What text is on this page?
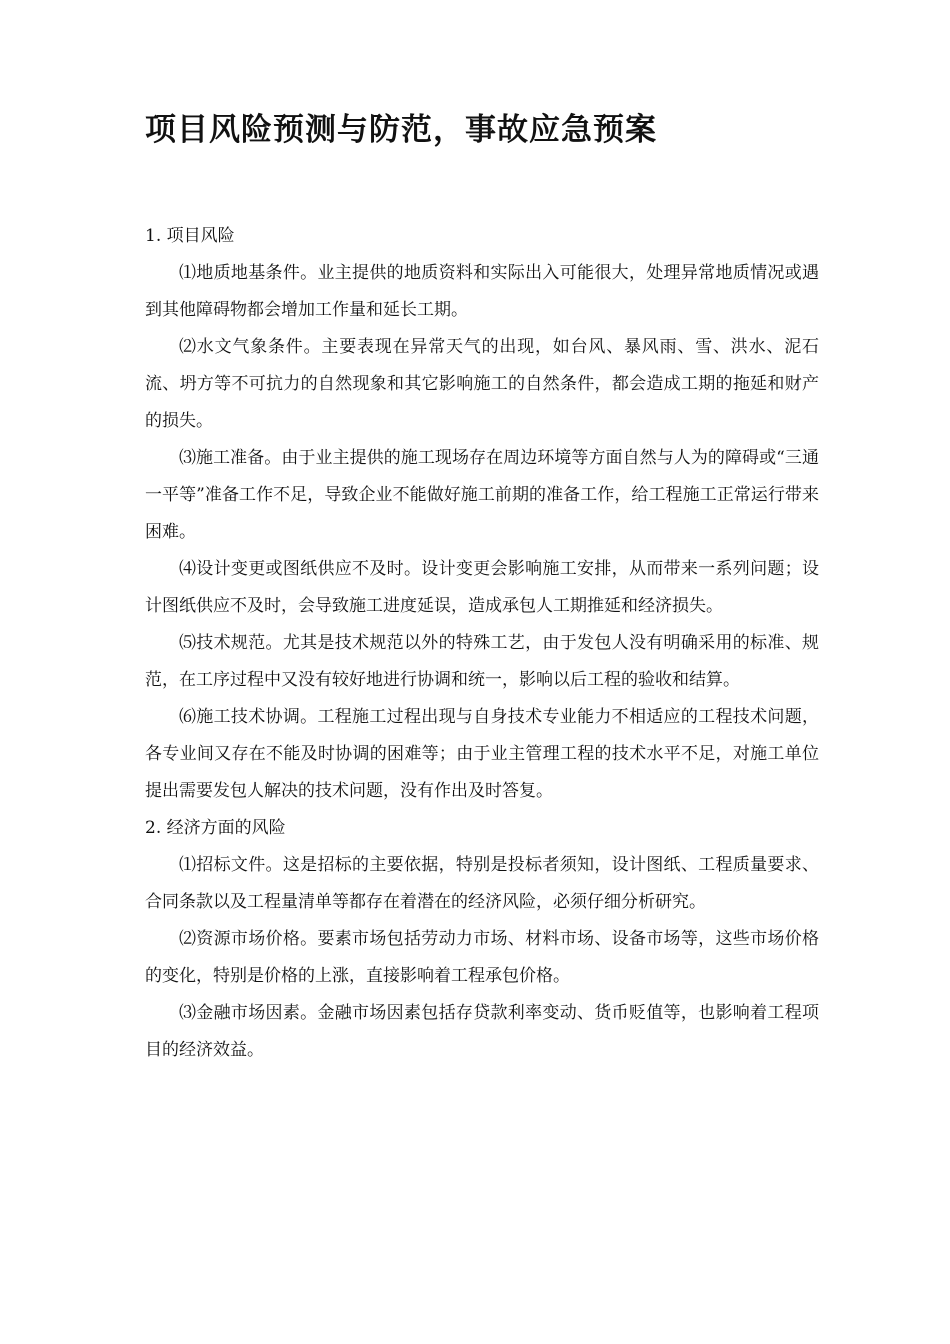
项目风险预测与防范，事故应急预案

1. 项目风险

⑴地质地基条件。业主提供的地质资料和实际出入可能很大，处理异常地质情况或遇到其他障碍物都会增加工作量和延长工期。

⑵水文气象条件。主要表现在异常天气的出现，如台风、暴风雨、雪、洪水、泥石流、坍方等不可抗力的自然现象和其它影响施工的自然条件，都会造成工期的拖延和财产的损失。

⑶施工准备。由于业主提供的施工现场存在周边环境等方面自然与人为的障碍或“三通一平等”准备工作不足，导致企业不能做好施工前期的准备工作，给工程施工正常运行带来困难。

⑷设计变更或图纸供应不及时。设计变更会影响施工安排，从而带来一系列问题；设计图纸供应不及时，会导致施工进度延误，造成承包人工期推延和经济损失。

⑸技术规范。尤其是技术规范以外的特殊工艺，由于发包人没有明确采用的标准、规范，在工序过程中又没有较好地进行协调和统一，影响以后工程的验收和结算。

⑹施工技术协调。工程施工过程出现与自身技术专业能力不相适应的工程技术问题，各专业间又存在不能及时协调的困难等；由于业主管理工程的技术水平不足，对施工单位提出需要发包人解决的技术问题，没有作出及时答复。

2. 经济方面的风险

⑴招标文件。这是招标的主要依据，特别是投标者须知，设计图纸、工程质量要求、合同条款以及工程量清单等都存在着潜在的经济风险，必须仔细分析研究。

⑵资源市场价格。要素市场包括劳动力市场、材料市场、设备市场等，这些市场价格的变化，特别是价格的上涨，直接影响着工程承包价格。

⑶金融市场因素。金融市场因素包括存贷款利率变动、货币贬值等，也影响着工程项目的经济效益。
